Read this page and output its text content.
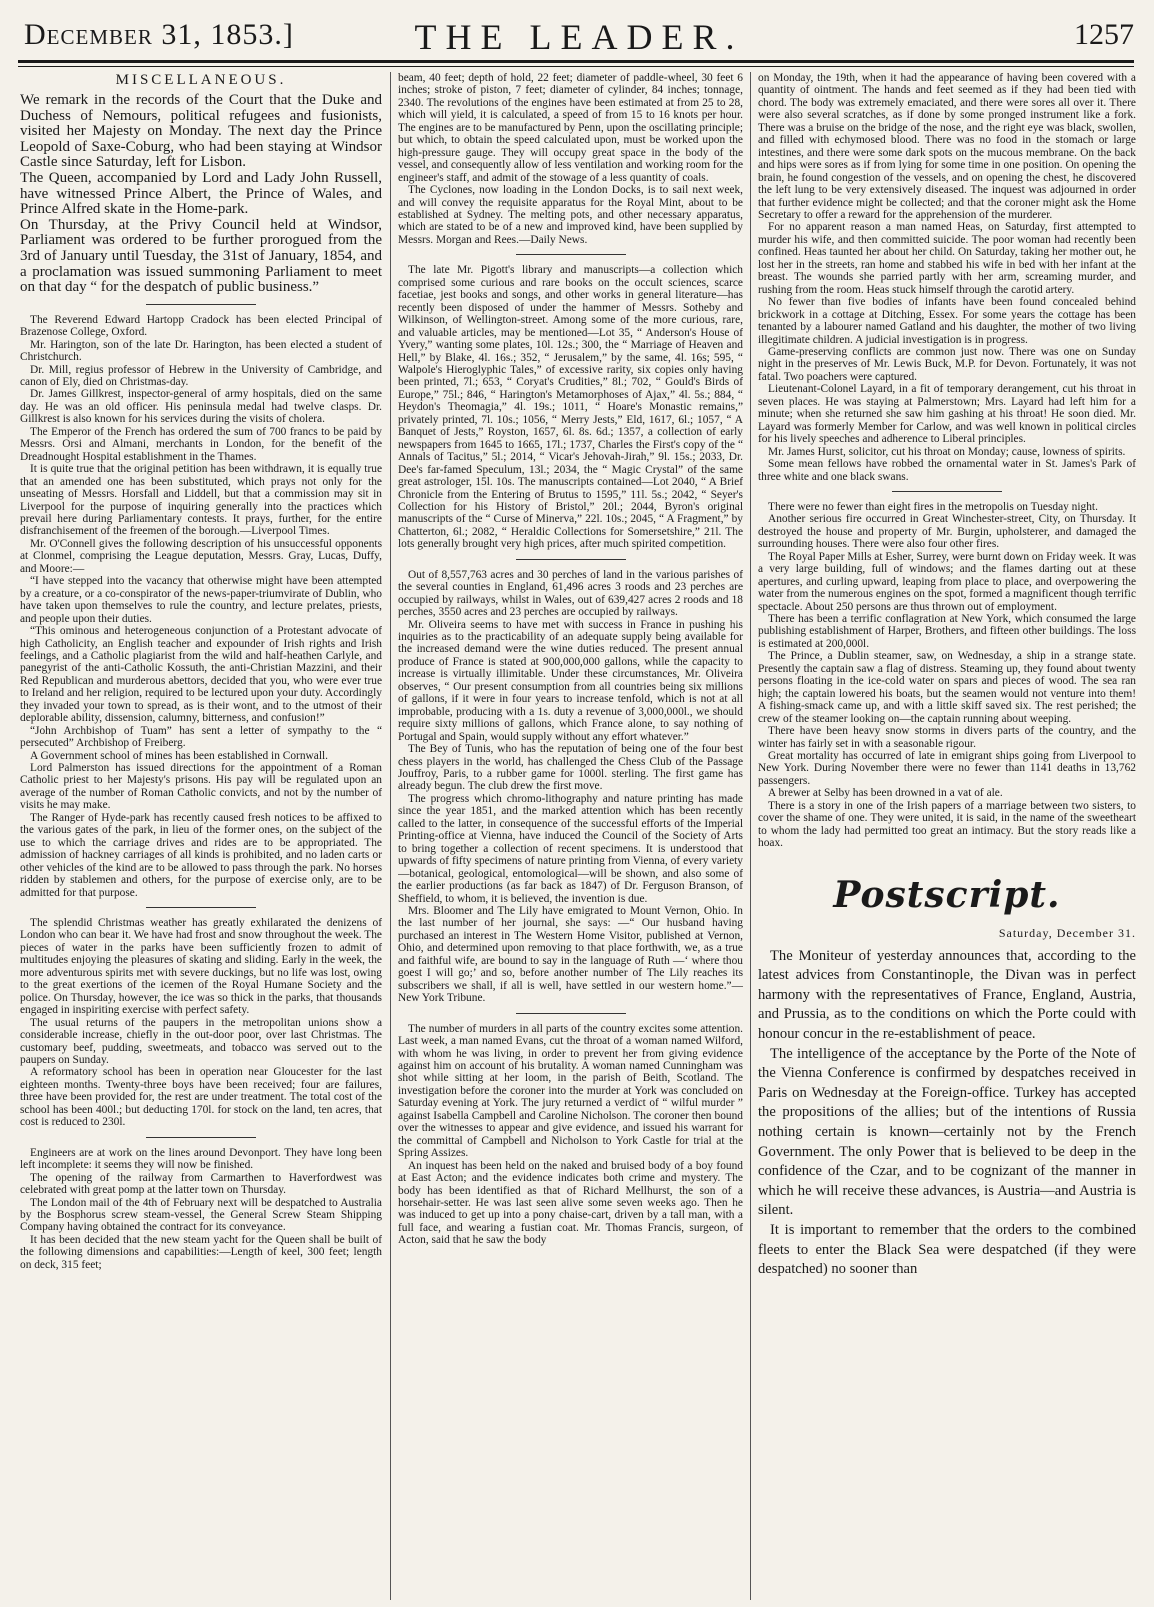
December 31, 1853.]	THE LEADER.	1257
MISCELLANEOUS.

We remark in the records of the Court that the Duke and Duchess of Nemours, political refugees and fusionists, visited her Majesty on Monday. The next day the Prince Leopold of Saxe-Coburg, who had been staying at Windsor Castle since Saturday, left for Lisbon.

The Queen, accompanied by Lord and Lady John Russell, have witnessed Prince Albert, the Prince of Wales, and Prince Alfred skate in the Home-park.

On Thursday, at the Privy Council held at Windsor, Parliament was ordered to be further prorogued from the 3rd of January until Tuesday, the 31st of January, 1854, and a proclamation was issued summoning Parliament to meet on that day “ for the despatch of public business.”

The Reverend Edward Hartopp Cradock has been elected Principal of Brazenose College, Oxford.

Mr. Harington, son of the late Dr. Harington, has been elected a student of Christchurch.

Dr. Mill, regius professor of Hebrew in the University of Cambridge, and canon of Ely, died on Christmas-day.

Dr. James Gillkrest, inspector-general of army hospitals, died on the same day. He was an old officer. His peninsula medal had twelve clasps. Dr. Gillkrest is also known for his services during the visits of cholera.

The Emperor of the French has ordered the sum of 700 francs to be paid by Messrs. Orsi and Almani, merchants in London, for the benefit of the Dreadnought Hospital establishment in the Thames.

It is quite true that the original petition has been withdrawn, it is equally true that an amended one has been substituted, which prays not only for the unseating of Messrs. Horsfall and Liddell, but that a commission may sit in Liverpool for the purpose of inquiring generally into the practices which prevail here during Parliamentary contests. It prays, further, for the entire disfranchisement of the freemen of the borough.—Liverpool Times.

Mr. O'Connell gives the following description of his unsuccessful opponents at Clonmel, comprising the League deputation, Messrs. Gray, Lucas, Duffy, and Moore:—

“I have stepped into the vacancy that otherwise might have been attempted by a creature, or a co-conspirator of the news-paper-triumvirate of Dublin, who have taken upon themselves to rule the country, and lecture prelates, priests, and people upon their duties.

“This ominous and heterogeneous conjunction of a Protestant advocate of high Catholicity, an English teacher and expounder of Irish rights and Irish feelings, and a Catholic plagiarist from the wild and half-heathen Carlyle, and panegyrist of the anti-Catholic Kossuth, the anti-Christian Mazzini, and their Red Republican and murderous abettors, decided that you, who were ever true to Ireland and her religion, required to be lectured upon your duty. Accordingly they invaded your town to spread, as is their wont, and to the utmost of their deplorable ability, dissension, calumny, bitterness, and confusion!”

“John Archbishop of Tuam” has sent a letter of sympathy to the “ persecuted” Archbishop of Freiberg.

A Government school of mines has been established in Cornwall.

Lord Palmerston has issued directions for the appointment of a Roman Catholic priest to her Majesty's prisons. His pay will be regulated upon an average of the number of Roman Catholic convicts, and not by the number of visits he may make.

The Ranger of Hyde-park has recently caused fresh notices to be affixed to the various gates of the park, in lieu of the former ones, on the subject of the use to which the carriage drives and rides are to be appropriated. The admission of hackney carriages of all kinds is prohibited, and no laden carts or other vehicles of the kind are to be allowed to pass through the park. No horses ridden by stablemen and others, for the purpose of exercise only, are to be admitted for that purpose.

The splendid Christmas weather has greatly exhilarated the denizens of London who can bear it. We have had frost and snow throughout the week. The pieces of water in the parks have been sufficiently frozen to admit of multitudes enjoying the pleasures of skating and sliding. Early in the week, the more adventurous spirits met with severe duckings, but no life was lost, owing to the great exertions of the icemen of the Royal Humane Society and the police. On Thursday, however, the ice was so thick in the parks, that thousands engaged in inspiriting exercise with perfect safety.

The usual returns of the paupers in the metropolitan unions show a considerable increase, chiefly in the out-door poor, over last Christmas. The customary beef, pudding, sweetmeats, and tobacco was served out to the paupers on Sunday.

A reformatory school has been in operation near Gloucester for the last eighteen months. Twenty-three boys have been received; four are failures, three have been provided for, the rest are under treatment. The total cost of the school has been 400l.; but deducting 170l. for stock on the land, ten acres, that cost is reduced to 230l.

Engineers are at work on the lines around Devonport. They have long been left incomplete: it seems they will now be finished.

The opening of the railway from Carmarthen to Haverfordwest was celebrated with great pomp at the latter town on Thursday.

The London mail of the 4th of February next will be despatched to Australia by the Bosphorus screw steam-vessel, the General Screw Steam Shipping Company having obtained the contract for its conveyance.

It has been decided that the new steam yacht for the Queen shall be built of the following dimensions and capabilities:—Length of keel, 300 feet; length on deck, 315 feet;

beam, 40 feet; depth of hold, 22 feet; diameter of paddle-wheel, 30 feet 6 inches; stroke of piston, 7 feet; diameter of cylinder, 84 inches; tonnage, 2340. The revolutions of the engines have been estimated at from 25 to 28, which will yield, it is calculated, a speed of from 15 to 16 knots per hour. The engines are to be manufactured by Penn, upon the oscillating principle; but which, to obtain the speed calculated upon, must be worked upon the high-pressure gauge. They will occupy great space in the body of the vessel, and consequently allow of less ventilation and working room for the engineer's staff, and admit of the stowage of a less quantity of coals.

The Cyclones, now loading in the London Docks, is to sail next week, and will convey the requisite apparatus for the Royal Mint, about to be established at Sydney. The melting pots, and other necessary apparatus, which are stated to be of a new and improved kind, have been supplied by Messrs. Morgan and Rees.—Daily News.

The late Mr. Pigott's library and manuscripts—a collection which comprised some curious and rare books on the occult sciences, scarce facetiae, jest books and songs, and other works in general literature—has recently been disposed of under the hammer of Messrs. Sotheby and Wilkinson, of Wellington-street. Among some of the more curious, rare, and valuable articles, may be mentioned—Lot 35, “ Anderson's House of Yvery,” wanting some plates, 10l. 12s.; 300, the “ Marriage of Heaven and Hell,” by Blake, 4l. 16s.; 352, “ Jerusalem,” by the same, 4l. 16s; 595, “ Walpole's Hieroglyphic Tales,” of excessive rarity, six copies only having been printed, 7l.; 653, “ Coryat's Crudities,” 8l.; 702, “ Gould's Birds of Europe,” 75l.; 846, “ Harington's Metamorphoses of Ajax,” 4l. 5s.; 884, “ Heydon's Theomagia,” 4l. 19s.; 1011, “ Hoare's Monastic remains,” privately printed, 7l. 10s.; 1056, “ Merry Jests,” Eld, 1617, 6l.; 1057, “ A Banquet of Jests,” Royston, 1657, 6l. 8s. 6d.; 1357, a collection of early newspapers from 1645 to 1665, 17l.; 1737, Charles the First's copy of the “ Annals of Tacitus,” 5l.; 2014, “ Vicar's Jehovah-Jirah,” 9l. 15s.; 2033, Dr. Dee's far-famed Speculum, 13l.; 2034, the “ Magic Crystal” of the same great astrologer, 15l. 10s. The manuscripts contained—Lot 2040, “ A Brief Chronicle from the Entering of Brutus to 1595,” 11l. 5s.; 2042, “ Seyer's Collection for his History of Bristol,” 20l.; 2044, Byron's original manuscripts of the “ Curse of Minerva,” 22l. 10s.; 2045, “ A Fragment,” by Chatterton, 6l.; 2082, “ Heraldic Collections for Somersetshire,” 21l. The lots generally brought very high prices, after much spirited competition.

Out of 8,557,763 acres and 30 perches of land in the various parishes of the several counties in England, 61,496 acres 3 roods and 23 perches are occupied by railways, whilst in Wales, out of 639,427 acres 2 roods and 18 perches, 3550 acres and 23 perches are occupied by railways.

Mr. Oliveira seems to have met with success in France in pushing his inquiries as to the practicability of an adequate supply being available for the increased demand were the wine duties reduced. The present annual produce of France is stated at 900,000,000 gallons, while the capacity to increase is virtually illimitable. Under these circumstances, Mr. Oliveira observes, “ Our present consumption from all countries being six millions of gallons, if it were in four years to increase tenfold, which is not at all improbable, producing with a 1s. duty a revenue of 3,000,000l., we should require sixty millions of gallons, which France alone, to say nothing of Portugal and Spain, would supply without any effort whatever.”

The Bey of Tunis, who has the reputation of being one of the four best chess players in the world, has challenged the Chess Club of the Passage Jouffroy, Paris, to a rubber game for 1000l. sterling. The first game has already begun. The club drew the first move.

The progress which chromo-lithography and nature printing has made since the year 1851, and the marked attention which has been recently called to the latter, in consequence of the successful efforts of the Imperial Printing-office at Vienna, have induced the Council of the Society of Arts to bring together a collection of recent specimens. It is understood that upwards of fifty specimens of nature printing from Vienna, of every variety—botanical, geological, entomological—will be shown, and also some of the earlier productions (as far back as 1847) of Dr. Ferguson Branson, of Sheffield, to whom, it is believed, the invention is due.

Mrs. Bloomer and The Lily have emigrated to Mount Vernon, Ohio. In the last number of her journal, she says: —“ Our husband having purchased an interest in The Western Home Visitor, published at Vernon, Ohio, and determined upon removing to that place forthwith, we, as a true and faithful wife, are bound to say in the language of Ruth —‘ where thou goest I will go;’ and so, before another number of The Lily reaches its subscribers we shall, if all is well, have settled in our western home.”—New York Tribune.

The number of murders in all parts of the country excites some attention. Last week, a man named Evans, cut the throat of a woman named Wilford, with whom he was living, in order to prevent her from giving evidence against him on account of his brutality. A woman named Cunningham was shot while sitting at her loom, in the parish of Beith, Scotland. The investigation before the coroner into the murder at York was concluded on Saturday evening at York. The jury returned a verdict of “ wilful murder ” against Isabella Campbell and Caroline Nicholson. The coroner then bound over the witnesses to appear and give evidence, and issued his warrant for the committal of Campbell and Nicholson to York Castle for trial at the Spring Assizes.

An inquest has been held on the naked and bruised body of a boy found at East Acton; and the evidence indicates both crime and mystery. The body has been identified as that of Richard Mellhurst, the son of a horsehair-setter. He was last seen alive some seven weeks ago. Then he was induced to get up into a pony chaise-cart, driven by a tall man, with a full face, and wearing a fustian coat. Mr. Thomas Francis, surgeon, of Acton, said that he saw the body

on Monday, the 19th, when it had the appearance of having been covered with a quantity of ointment. The hands and feet seemed as if they had been tied with chord. The body was extremely emaciated, and there were sores all over it. There were also several scratches, as if done by some pronged instrument like a fork. There was a bruise on the bridge of the nose, and the right eye was black, swollen, and filled with echymosed blood. There was no food in the stomach or large intestines, and there were some dark spots on the mucous membrane. On the back and hips were sores as if from lying for some time in one position. On opening the brain, he found congestion of the vessels, and on opening the chest, he discovered the left lung to be very extensively diseased. The inquest was adjourned in order that further evidence might be collected; and that the coroner might ask the Home Secretary to offer a reward for the apprehension of the murderer.

For no apparent reason a man named Heas, on Saturday, first attempted to murder his wife, and then committed suicide. The poor woman had recently been confined. Heas taunted her about her child. On Saturday, taking her mother out, he lost her in the streets, ran home and stabbed his wife in bed with her infant at the breast. The wounds she parried partly with her arm, screaming murder, and rushing from the room. Heas stuck himself through the carotid artery.

No fewer than five bodies of infants have been found concealed behind brickwork in a cottage at Ditching, Essex. For some years the cottage has been tenanted by a labourer named Gatland and his daughter, the mother of two living illegitimate children. A judicial investigation is in progress.

Game-preserving conflicts are common just now. There was one on Sunday night in the preserves of Mr. Lewis Buck, M.P. for Devon. Fortunately, it was not fatal. Two poachers were captured.

Lieutenant-Colonel Layard, in a fit of temporary derangement, cut his throat in seven places. He was staying at Palmerstown; Mrs. Layard had left him for a minute; when she returned she saw him gashing at his throat! He soon died. Mr. Layard was formerly Member for Carlow, and was well known in political circles for his lively speeches and adherence to Liberal principles.

Mr. James Hurst, solicitor, cut his throat on Monday; cause, lowness of spirits.

Some mean fellows have robbed the ornamental water in St. James's Park of three white and one black swans.

There were no fewer than eight fires in the metropolis on Tuesday night.

Another serious fire occurred in Great Winchester-street, City, on Thursday. It destroyed the house and property of Mr. Burgin, upholsterer, and damaged the surrounding houses. There were also four other fires.

The Royal Paper Mills at Esher, Surrey, were burnt down on Friday week. It was a very large building, full of windows; and the flames darting out at these apertures, and curling upward, leaping from place to place, and overpowering the water from the numerous engines on the spot, formed a magnificent though terrific spectacle. About 250 persons are thus thrown out of employment.

There has been a terrific conflagration at New York, which consumed the large publishing establishment of Harper, Brothers, and fifteen other buildings. The loss is estimated at 200,000l.

The Prince, a Dublin steamer, saw, on Wednesday, a ship in a strange state. Presently the captain saw a flag of distress. Steaming up, they found about twenty persons floating in the ice-cold water on spars and pieces of wood. The sea ran high; the captain lowered his boats, but the seamen would not venture into them! A fishing-smack came up, and with a little skiff saved six. The rest perished; the crew of the steamer looking on—the captain running about weeping.

There have been heavy snow storms in divers parts of the country, and the winter has fairly set in with a seasonable rigour.

Great mortality has occurred of late in emigrant ships going from Liverpool to New York. During November there were no fewer than 1141 deaths in 13,762 passengers.

A brewer at Selby has been drowned in a vat of ale.

There is a story in one of the Irish papers of a marriage between two sisters, to cover the shame of one. They were united, it is said, in the name of the sweetheart to whom the lady had permitted too great an intimacy. But the story reads like a hoax.

Postscript.
Saturday, December 31.

The Moniteur of yesterday announces that, according to the latest advices from Constantinople, the Divan was in perfect harmony with the representatives of France, England, Austria, and Prussia, as to the conditions on which the Porte could with honour concur in the re-establishment of peace.

The intelligence of the acceptance by the Porte of the Note of the Vienna Conference is confirmed by despatches received in Paris on Wednesday at the Foreign-office. Turkey has accepted the propositions of the allies; but of the intentions of Russia nothing certain is known—certainly not by the French Government. The only Power that is believed to be deep in the confidence of the Czar, and to be cognizant of the manner in which he will receive these advances, is Austria—and Austria is silent.

It is important to remember that the orders to the combined fleets to enter the Black Sea were despatched (if they were despatched) no sooner than
